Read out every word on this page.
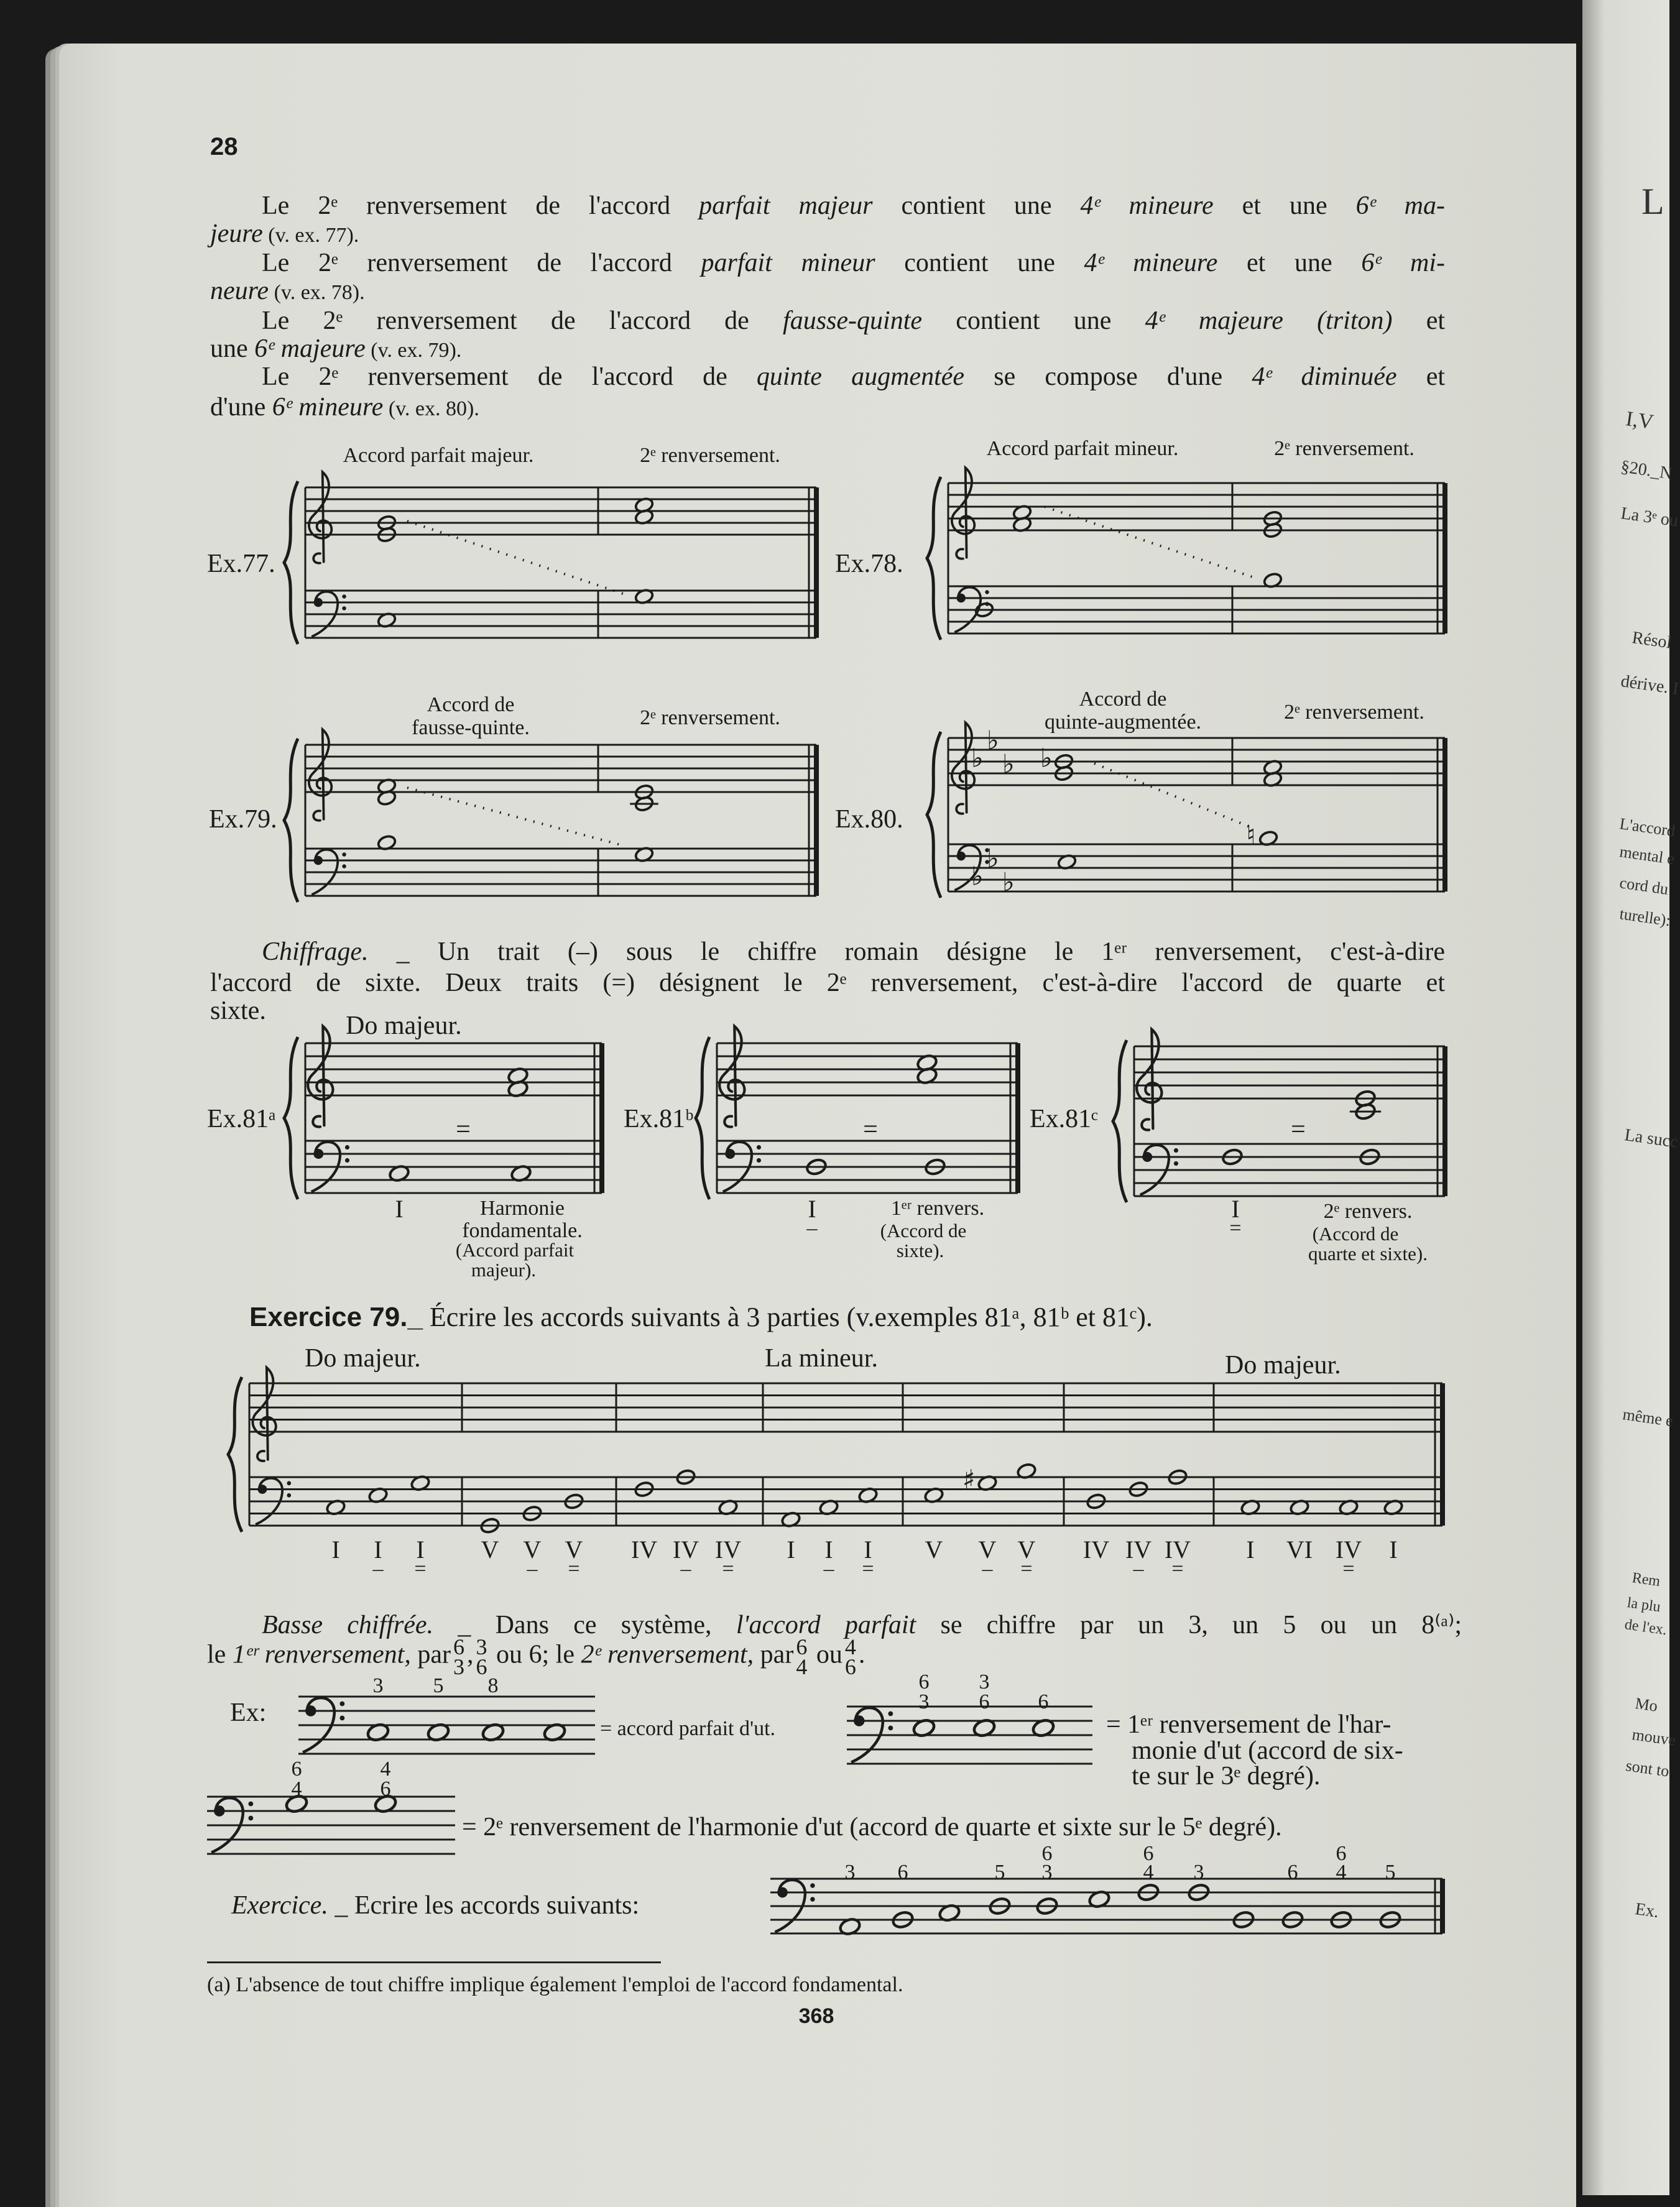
L
I,V
§20._N
La 3ᵉ ou
Résol
dérive. I
L'accord
mental e
cord du
turelle):
La succ
même e
Rem
la plu
de l'ex.
Mo
mouve
sont to
Ex.
♭
♭
♭
♭
♭
♭
♭
♮
♯
28
Le 2ᵉ renversement de l'accord parfait majeur contient une 4ᵉ mineure et une 6ᵉ ma-
jeure (v. ex. 77).
Le 2ᵉ renversement de l'accord parfait mineur contient une 4ᵉ mineure et une 6ᵉ mi-
neure (v. ex. 78).
Le 2ᵉ renversement de l'accord de fausse-quinte contient une 4ᵉ majeure (triton) et
une 6ᵉ majeure (v. ex. 79).
Le 2ᵉ renversement de l'accord de quinte augmentée se compose d'une 4ᵉ diminuée et
d'une 6ᵉ mineure (v. ex. 80).
Ex.77.
Accord parfait majeur.	2ᵉ renversement.
Ex.78.
Accord parfait mineur.	2ᵉ renversement.
Ex.79.
Accord de
fausse-quinte.	2ᵉ renversement.
Ex.80.
Accord de
quinte-augmentée.	2ᵉ renversement.
Chiffrage. _ Un trait (–) sous le chiffre romain désigne le 1ᵉʳ renversement, c'est-à-dire
l'accord de sixte. Deux traits (=) désignent le 2ᵉ renversement, c'est-à-dire l'accord de quarte et
sixte.
Ex.81ᵃ
Do majeur.
=
I	Harmonie
fondamentale.
(Accord parfait
majeur).
Ex.81ᵇ	=
I
–
1ᵉʳ renvers.
(Accord de
sixte).
Ex.81ᶜ	=
I
=
2ᵉ renvers.
(Accord de
quarte et sixte).
Exercice 79._ Écrire les accords suivants à 3 parties (v.exemples 81ᵃ, 81ᵇ et 81ᶜ).
Do majeur.	La mineur.	Do majeur.
I I
–
I
=
V V
–
V
=
IV IV
–
IV
=
I I
–
I
=
V V
–
V
=
IV IV
–
IV
=
I VI IV
=
I
Basse chiffrée. _ Dans ce système, l'accord parfait se chiffre par un 3, un 5 ou un 8⁽ᵃ⁾;
le 1ᵉʳ renversement, par 6
3 , 3
6 ou 6; le 2ᵉ renversement, par 6
4 ou 4
6 .
Ex:
= accord parfait d'ut.	= 1ᵉʳ renversement de l'har-
monie d'ut (accord de six-
te sur le 3ᵉ degré).
= 2ᵉ renversement de l'harmonie d'ut (accord de quarte et sixte sur le 5ᵉ degré).
Exercice. _ Ecrire les accords suivants:
3 5 8	6
3
3
6 6
6
4
4
6
3 6	5
6
3
6
4 3	6
6
4 5
(a) L'absence de tout chiffre implique également l'emploi de l'accord fondamental.
368
